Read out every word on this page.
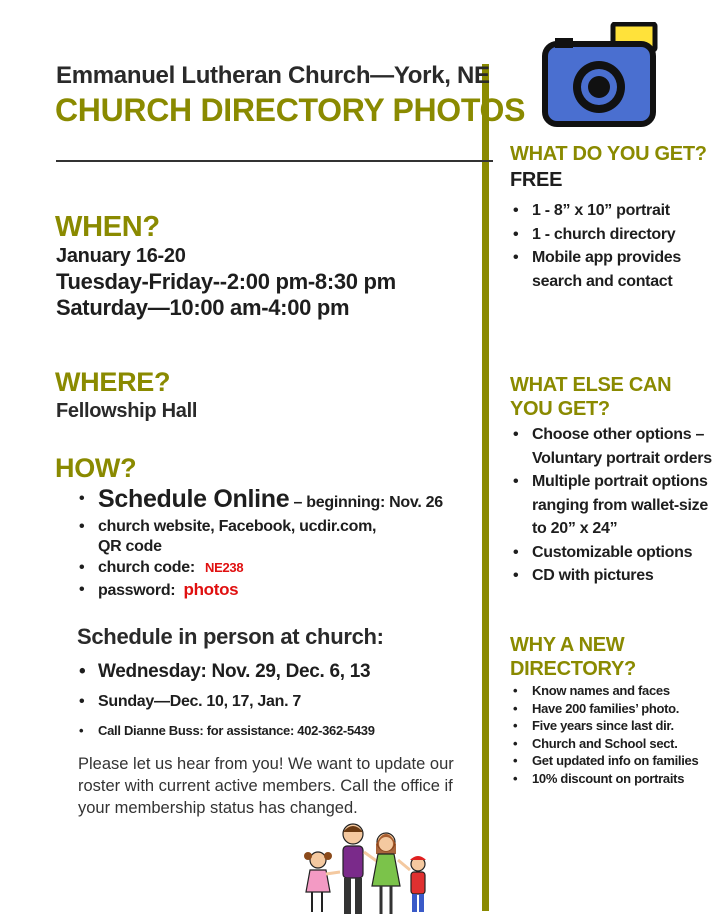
Emmanuel Lutheran Church—York, NE
CHURCH DIRECTORY PHOTOS
WHEN?
January 16-20
Tuesday-Friday--2:00 pm-8:30 pm
Saturday—10:00 am-4:00 pm
WHERE?
Fellowship Hall
HOW?
• Schedule Online – beginning: Nov. 26
• church website, Facebook, ucdir.com,
QR code
• church code: NE238
• password: photos
Schedule in person at church:
• Wednesday: Nov. 29, Dec. 6, 13
• Sunday—Dec. 10, 17, Jan. 7
• Call Dianne Buss: for assistance: 402-362-5439
Please let us hear from you! We want to update our roster with current active members. Call the office if your membership status has changed.
WHAT DO YOU GET?
FREE
• 1 - 8” x 10” portrait
• 1 - church directory
• Mobile app provides search and contact
WHAT ELSE CAN
YOU GET?
• Choose other options – Voluntary portrait orders
• Multiple portrait options ranging from wallet-size to 20” x 24”
• Customizable options
• CD with pictures
WHY A NEW
DIRECTORY?
• Know names and faces
• Have 200 families’ photo.
• Five years since last dir.
• Church and School sect.
• Get updated info on families
• 10% discount on portraits
